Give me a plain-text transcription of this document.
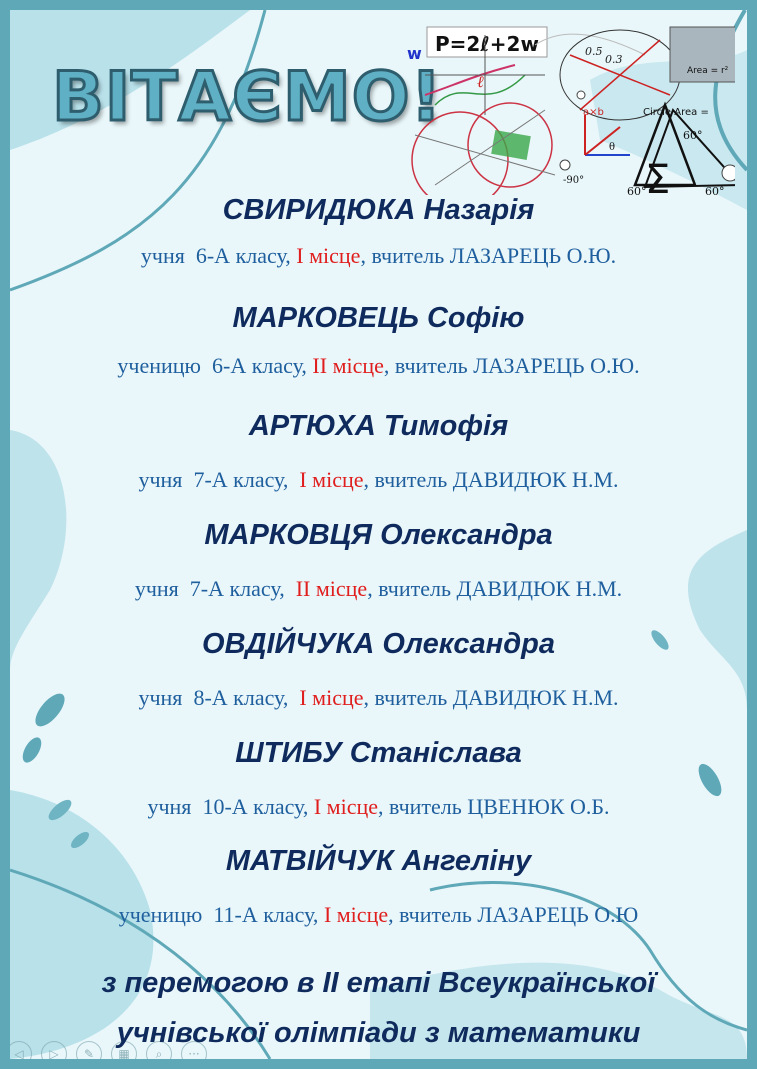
ВІТАЄМО!
P=2ℓ+2w
w
ℓ
0.5
0.3
Area = r²
a×b
θ
Circle Area =
60°
60°	60°
-90° Σ
◁ ▷ ✎ ▦ ⌕ ···
СВИРИДЮКА Назарія
учня 6-А класу, І місце, вчитель ЛАЗАРЕЦЬ О.Ю.
МАРКОВЕЦЬ Софію
ученицю 6-А класу, ІІ місце, вчитель ЛАЗАРЕЦЬ О.Ю.
АРТЮХА Тимофія
учня 7-А класу, І місце, вчитель ДАВИДЮК Н.М.
МАРКОВЦЯ Олександра
учня 7-А класу, ІІ місце, вчитель ДАВИДЮК Н.М.
ОВДІЙЧУКА Олександра
учня 8-А класу, І місце, вчитель ДАВИДЮК Н.М.
ШТИБУ Станіслава
учня 10-А класу, І місце, вчитель ЦВЕНЮК О.Б.
МАТВІЙЧУК Ангеліну
ученицю 11-А класу, І місце, вчитель ЛАЗАРЕЦЬ О.Ю
з перемогою в ІІ етапі Всеукраїнської
учнівської олімпіади з математики
